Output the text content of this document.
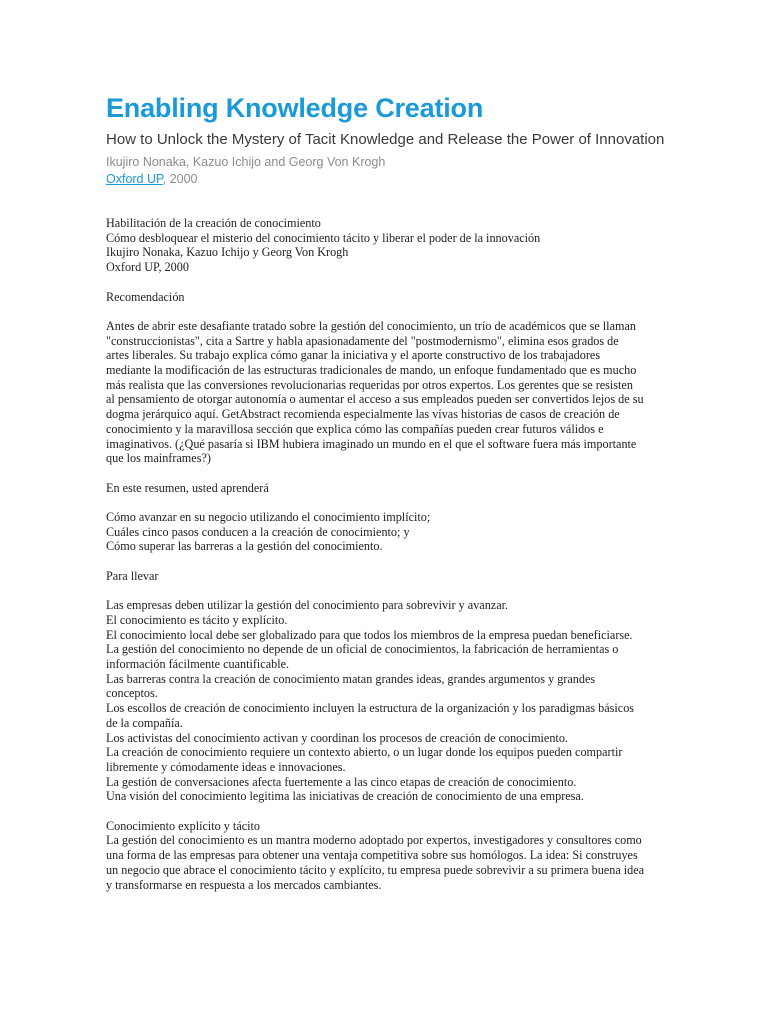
Enabling Knowledge Creation

How to Unlock the Mystery of Tacit Knowledge and Release the Power of Innovation

Ikujiro Nonaka, Kazuo Ichijo and Georg Von Krogh

Oxford UP, 2000

Habilitación de la creación de conocimiento
Cómo desbloquear el misterio del conocimiento tácito y liberar el poder de la innovación
Ikujiro Nonaka, Kazuo Ichijo y Georg Von Krogh
Oxford UP, 2000
Recomendación
Antes de abrir este desafiante tratado sobre la gestión del conocimiento, un trío de académicos que se llaman
"construccionistas", cita a Sartre y habla apasionadamente del "postmodernismo", elimina esos grados de
artes liberales. Su trabajo explica cómo ganar la iniciativa y el aporte constructivo de los trabajadores
mediante la modificación de las estructuras tradicionales de mando, un enfoque fundamentado que es mucho
más realista que las conversiones revolucionarias requeridas por otros expertos. Los gerentes que se resisten
al pensamiento de otorgar autonomía o aumentar el acceso a sus empleados pueden ser convertidos lejos de su
dogma jerárquico aquí. GetAbstract recomienda especialmente las vívas historias de casos de creación de
conocimiento y la maravillosa sección que explica cómo las compañías pueden crear futuros válidos e
imaginativos. (¿Qué pasaría si IBM hubiera imaginado un mundo en el que el software fuera más importante
que los mainframes?)
En este resumen, usted aprenderá
Cómo avanzar en su negocio utilizando el conocimiento implícito;
Cuáles cinco pasos conducen a la creación de conocimiento; y
Cómo superar las barreras a la gestión del conocimiento.
Para llevar
Las empresas deben utilizar la gestión del conocimiento para sobrevivir y avanzar.
El conocimiento es tácito y explícito.
El conocimiento local debe ser globalizado para que todos los miembros de la empresa puedan beneficiarse.
La gestión del conocimiento no depende de un oficial de conocimientos, la fabricación de herramientas o
información fácilmente cuantificable.
Las barreras contra la creación de conocimiento matan grandes ideas, grandes argumentos y grandes
conceptos.
Los escollos de creación de conocimiento incluyen la estructura de la organización y los paradigmas básicos
de la compañía.
Los activistas del conocimiento activan y coordinan los procesos de creación de conocimiento.
La creación de conocimiento requiere un contexto abierto, o un lugar donde los equipos pueden compartir
libremente y cómodamente ideas e innovaciones.
La gestión de conversaciones afecta fuertemente a las cinco etapas de creación de conocimiento.
Una visión del conocimiento legitima las iniciativas de creación de conocimiento de una empresa.
Conocimiento explícito y tácito
La gestión del conocimiento es un mantra moderno adoptado por expertos, investigadores y consultores como
una forma de las empresas para obtener una ventaja competitiva sobre sus homólogos. La idea: Si construyes
un negocio que abrace el conocimiento tácito y explícito, tu empresa puede sobrevivir a su primera buena idea
y transformarse en respuesta a los mercados cambiantes.
